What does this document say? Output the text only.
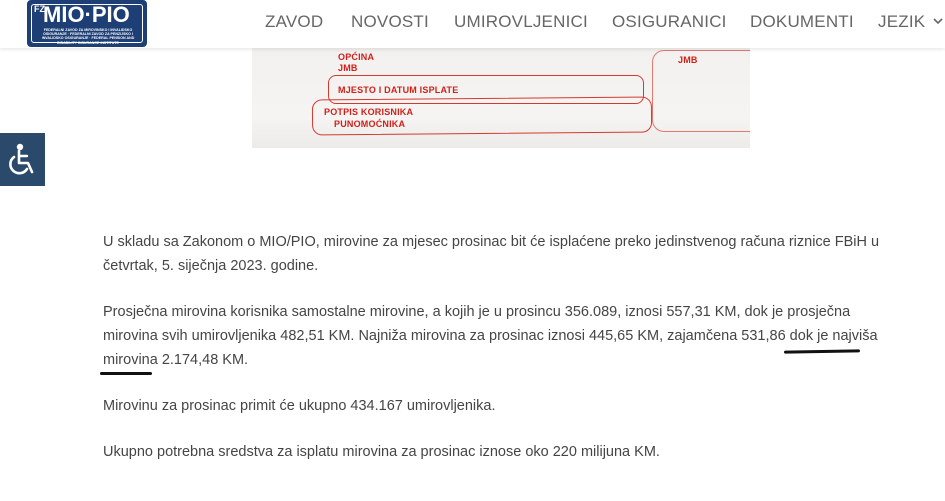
FZ
MIO·PIO
FEDERALNI ZAVOD ZA MIROVINSKO I INVALIDSKO OSIGURANJE · FEDERALNI ZAVOD ZA PENZIJSKO I INVALIDSKO OSIGURANJE · FEDERAL PENSION AND DISABILITY INSURANCE INSTITUTE
ZAVOD NOVOSTI UMIROVLJENICI OSIGURANICI DOKUMENTI JEZIK
OPĆINA
JMB
JMB
MJESTO I DATUM ISPLATE
POTPIS KORISNIKA
PUNOMOĆNIKA

U skladu sa Zakonom o MIO/PIO, mirovine za mjesec prosinac bit će isplaćene preko jedinstvenog računa riznice FBiH u četvrtak, 5. siječnja 2023. godine.

Prosječna mirovina korisnika samostalne mirovine, a kojih je u prosincu 356.089, iznosi 557,31 KM, dok je prosječna mirovina svih umirovljenika 482,51 KM. Najniža mirovina za prosinac iznosi 445,65 KM, zajamčena 531,86 dok je najviša mirovina 2.174,48 KM.

Mirovinu za prosinac primit će ukupno 434.167 umirovljenika.

Ukupno potrebna sredstva za isplatu mirovina za prosinac iznose oko 220 milijuna KM.
